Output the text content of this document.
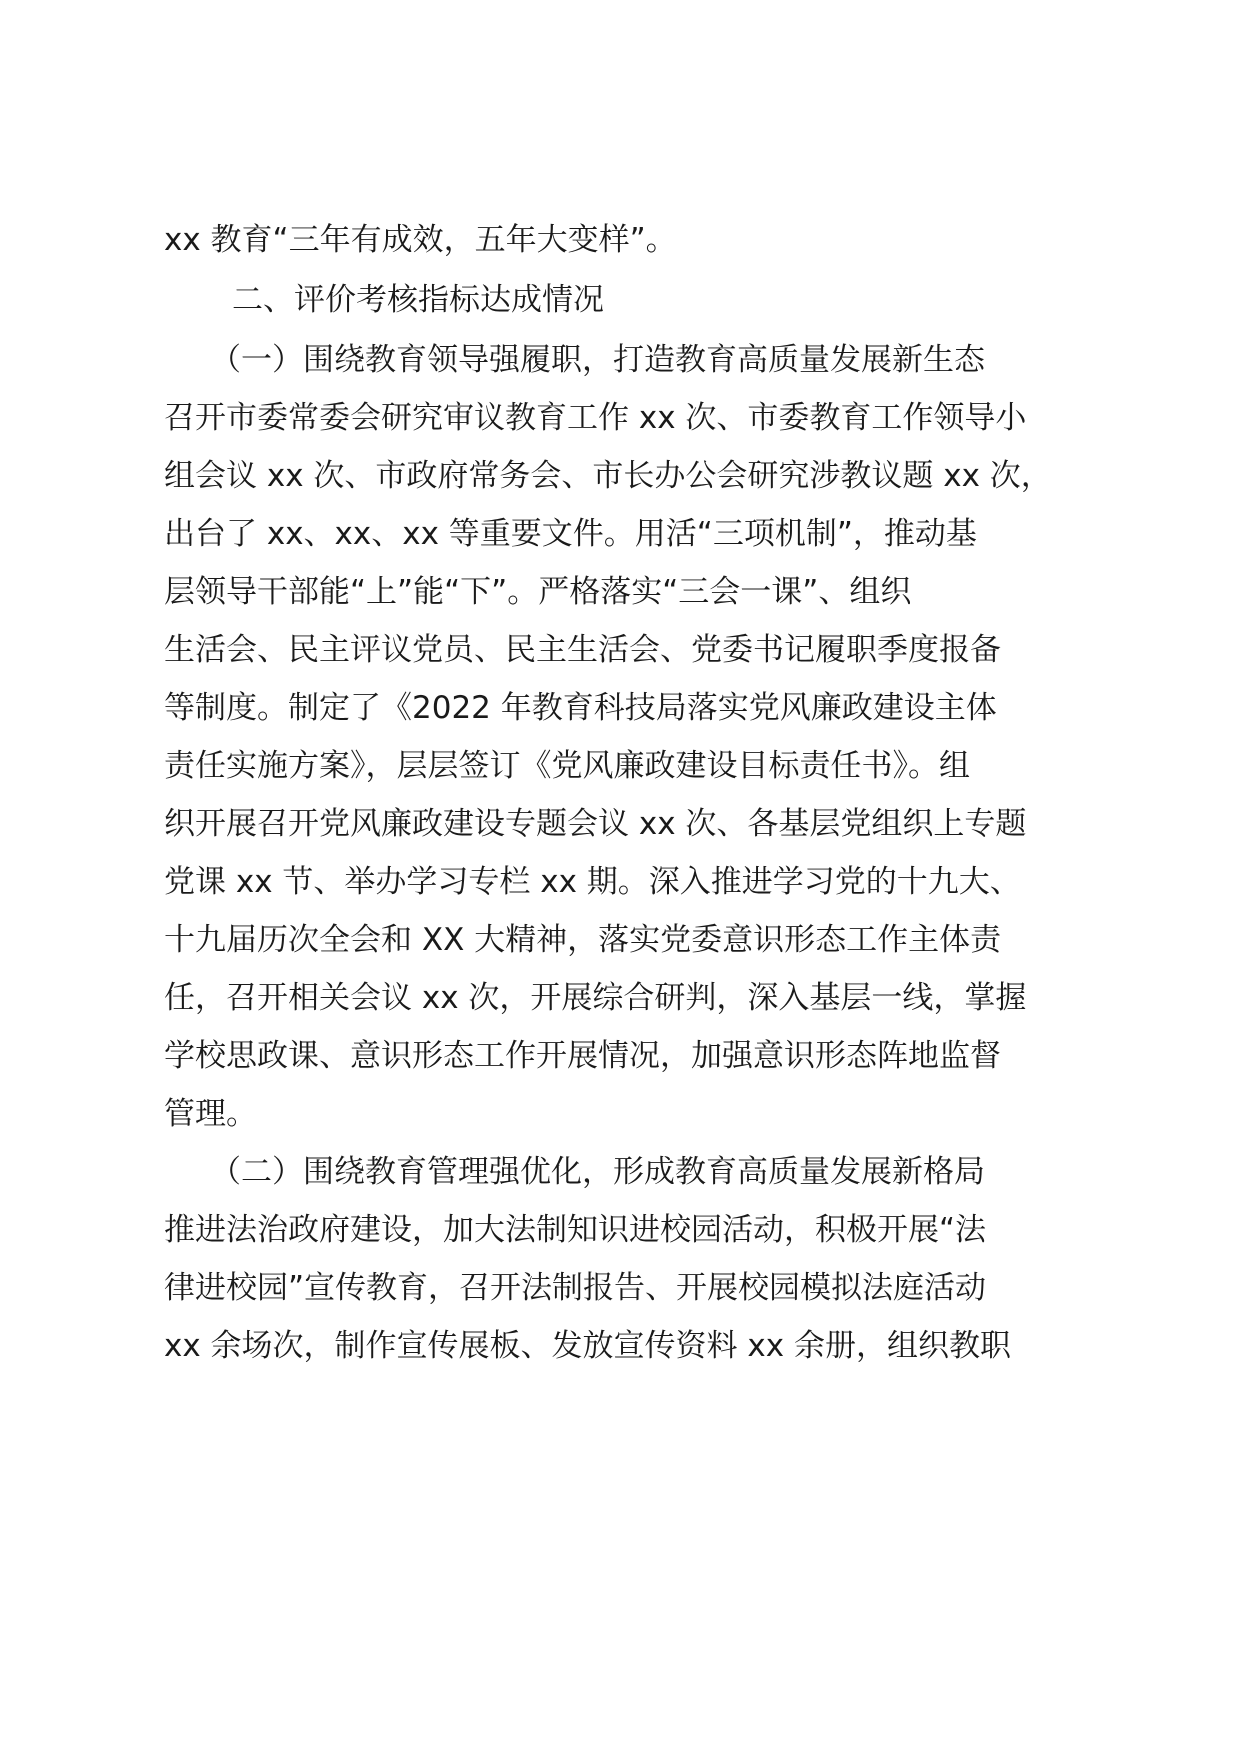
xx 教育“三年有成效，五年大变样”。
二、评价考核指标达成情况
（一）围绕教育领导强履职，打造教育高质量发展新生态
召开市委常委会研究审议教育工作 xx 次、市委教育工作领导小
组会议 xx 次、市政府常务会、市长办公会研究涉教议题 xx 次，
出台了 xx、xx、xx 等重要文件。用活“三项机制”，推动基
层领导干部能“上”能“下”。严格落实“三会一课”、组织
生活会、民主评议党员、民主生活会、党委书记履职季度报备
等制度。制定了《2022 年教育科技局落实党风廉政建设主体
责任实施方案》，层层签订《党风廉政建设目标责任书》。组
织开展召开党风廉政建设专题会议 xx 次、各基层党组织上专题
党课 xx 节、举办学习专栏 xx 期。深入推进学习党的十九大、
十九届历次全会和 XX 大精神，落实党委意识形态工作主体责
任，召开相关会议 xx 次，开展综合研判，深入基层一线，掌握
学校思政课、意识形态工作开展情况，加强意识形态阵地监督
管理。
（二）围绕教育管理强优化，形成教育高质量发展新格局
推进法治政府建设，加大法制知识进校园活动，积极开展“法
律进校园”宣传教育，召开法制报告、开展校园模拟法庭活动
xx 余场次，制作宣传展板、发放宣传资料 xx 余册，组织教职
